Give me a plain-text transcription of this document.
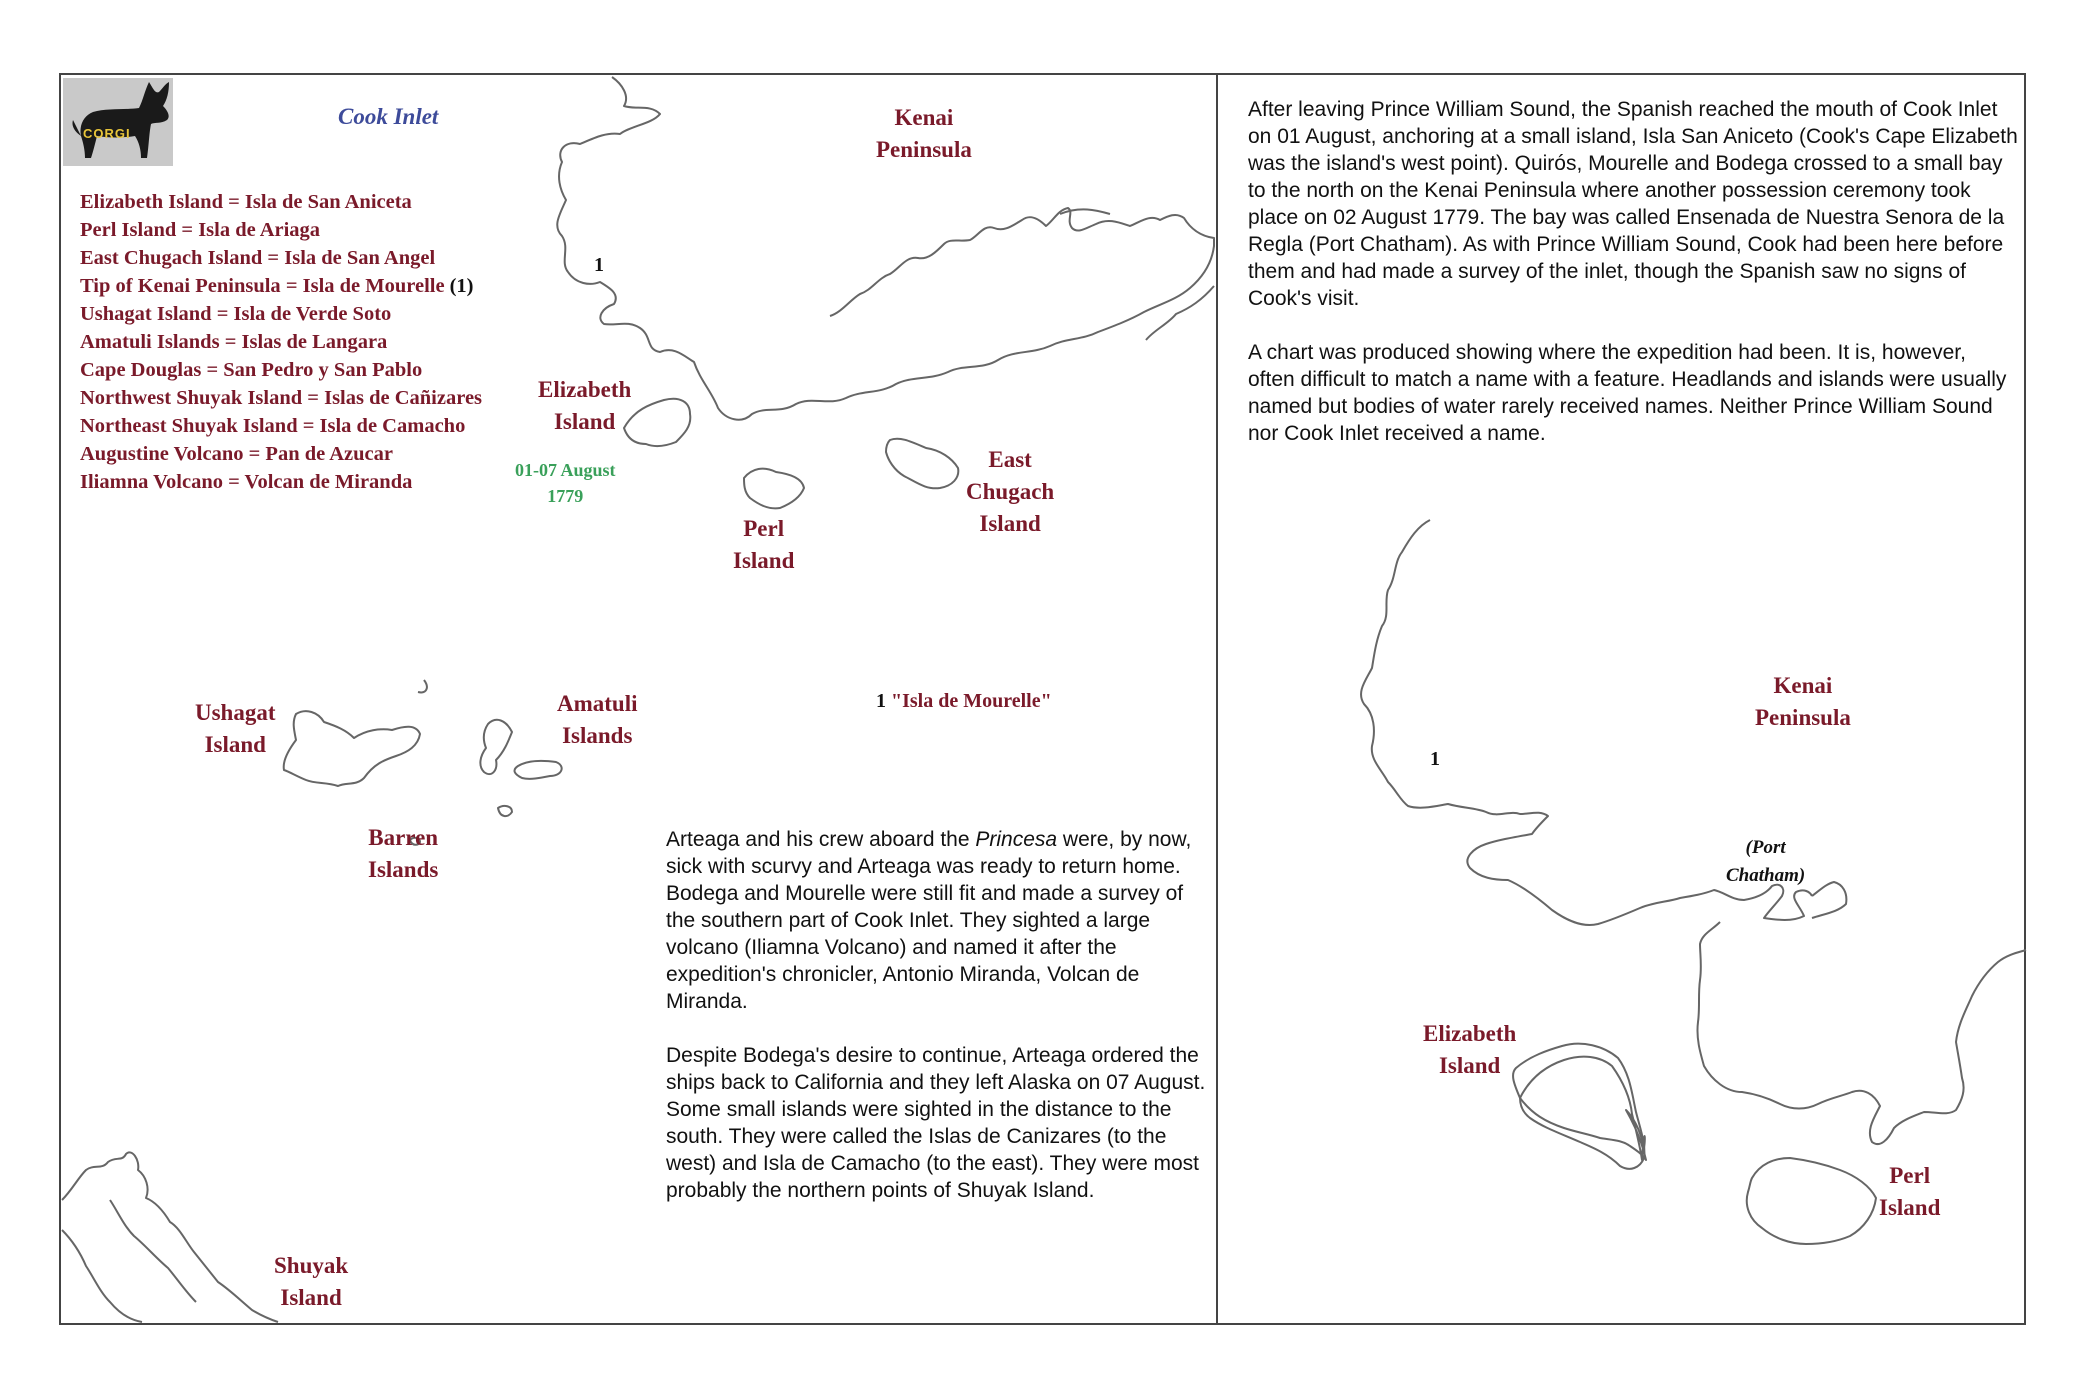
CORGI
Cook Inlet
Elizabeth Island = Isla de San Aniceta
Perl Island = Isla de Ariaga
East Chugach Island = Isla de San Angel
Tip of Kenai Peninsula = Isla de Mourelle (1)
Ushagat Island = Isla de Verde Soto
Amatuli Islands = Islas de Langara
Cape Douglas = San Pedro y San Pablo
Northwest Shuyak Island = Islas de Cañizares
Northeast Shuyak Island = Isla de Camacho
Augustine Volcano = Pan de Azucar
Iliamna Volcano = Volcan de Miranda
Kenai
Peninsula
Elizabeth
Island
01-07 August
1779
Perl
Island
East
Chugach
Island
Ushagat
Island
Amatuli
Islands
Barren
Islands
Shuyak
Island
1
1 "Isla de Mourelle"

Arteaga and his crew aboard the Princesa were, by now, sick with scurvy and Arteaga was ready to return home. Bodega and Mourelle were still fit and made a survey of the southern part of Cook Inlet. They sighted a large volcano (Iliamna Volcano) and named it after the expedition's chronicler, Antonio Miranda, Volcan de Miranda.

Despite Bodega's desire to continue, Arteaga ordered the ships back to California and they left Alaska on 07 August. Some small islands were sighted in the distance to the south. They were called the Islas de Canizares (to the west) and Isla de Camacho (to the east). They were most probably the northern points of Shuyak Island.

After leaving Prince William Sound, the Spanish reached the mouth of Cook Inlet on 01 August, anchoring at a small island, Isla San Aniceto (Cook's Cape Elizabeth was the island's west point). Quirós, Mourelle and Bodega crossed to a small bay to the north on the Kenai Peninsula where another possession ceremony took place on 02 August 1779. The bay was called Ensenada de Nuestra Senora de la Regla (Port Chatham). As with Prince William Sound, Cook had been here before them and had made a survey of the inlet, though the Spanish saw no signs of Cook's visit.

A chart was produced showing where the expedition had been. It is, however, often difficult to match a name with a feature. Headlands and islands were usually named but bodies of water rarely received names. Neither Prince William Sound nor Cook Inlet received a name.

Kenai
Peninsula
(Port
Chatham)
Elizabeth
Island
Perl
Island
1
